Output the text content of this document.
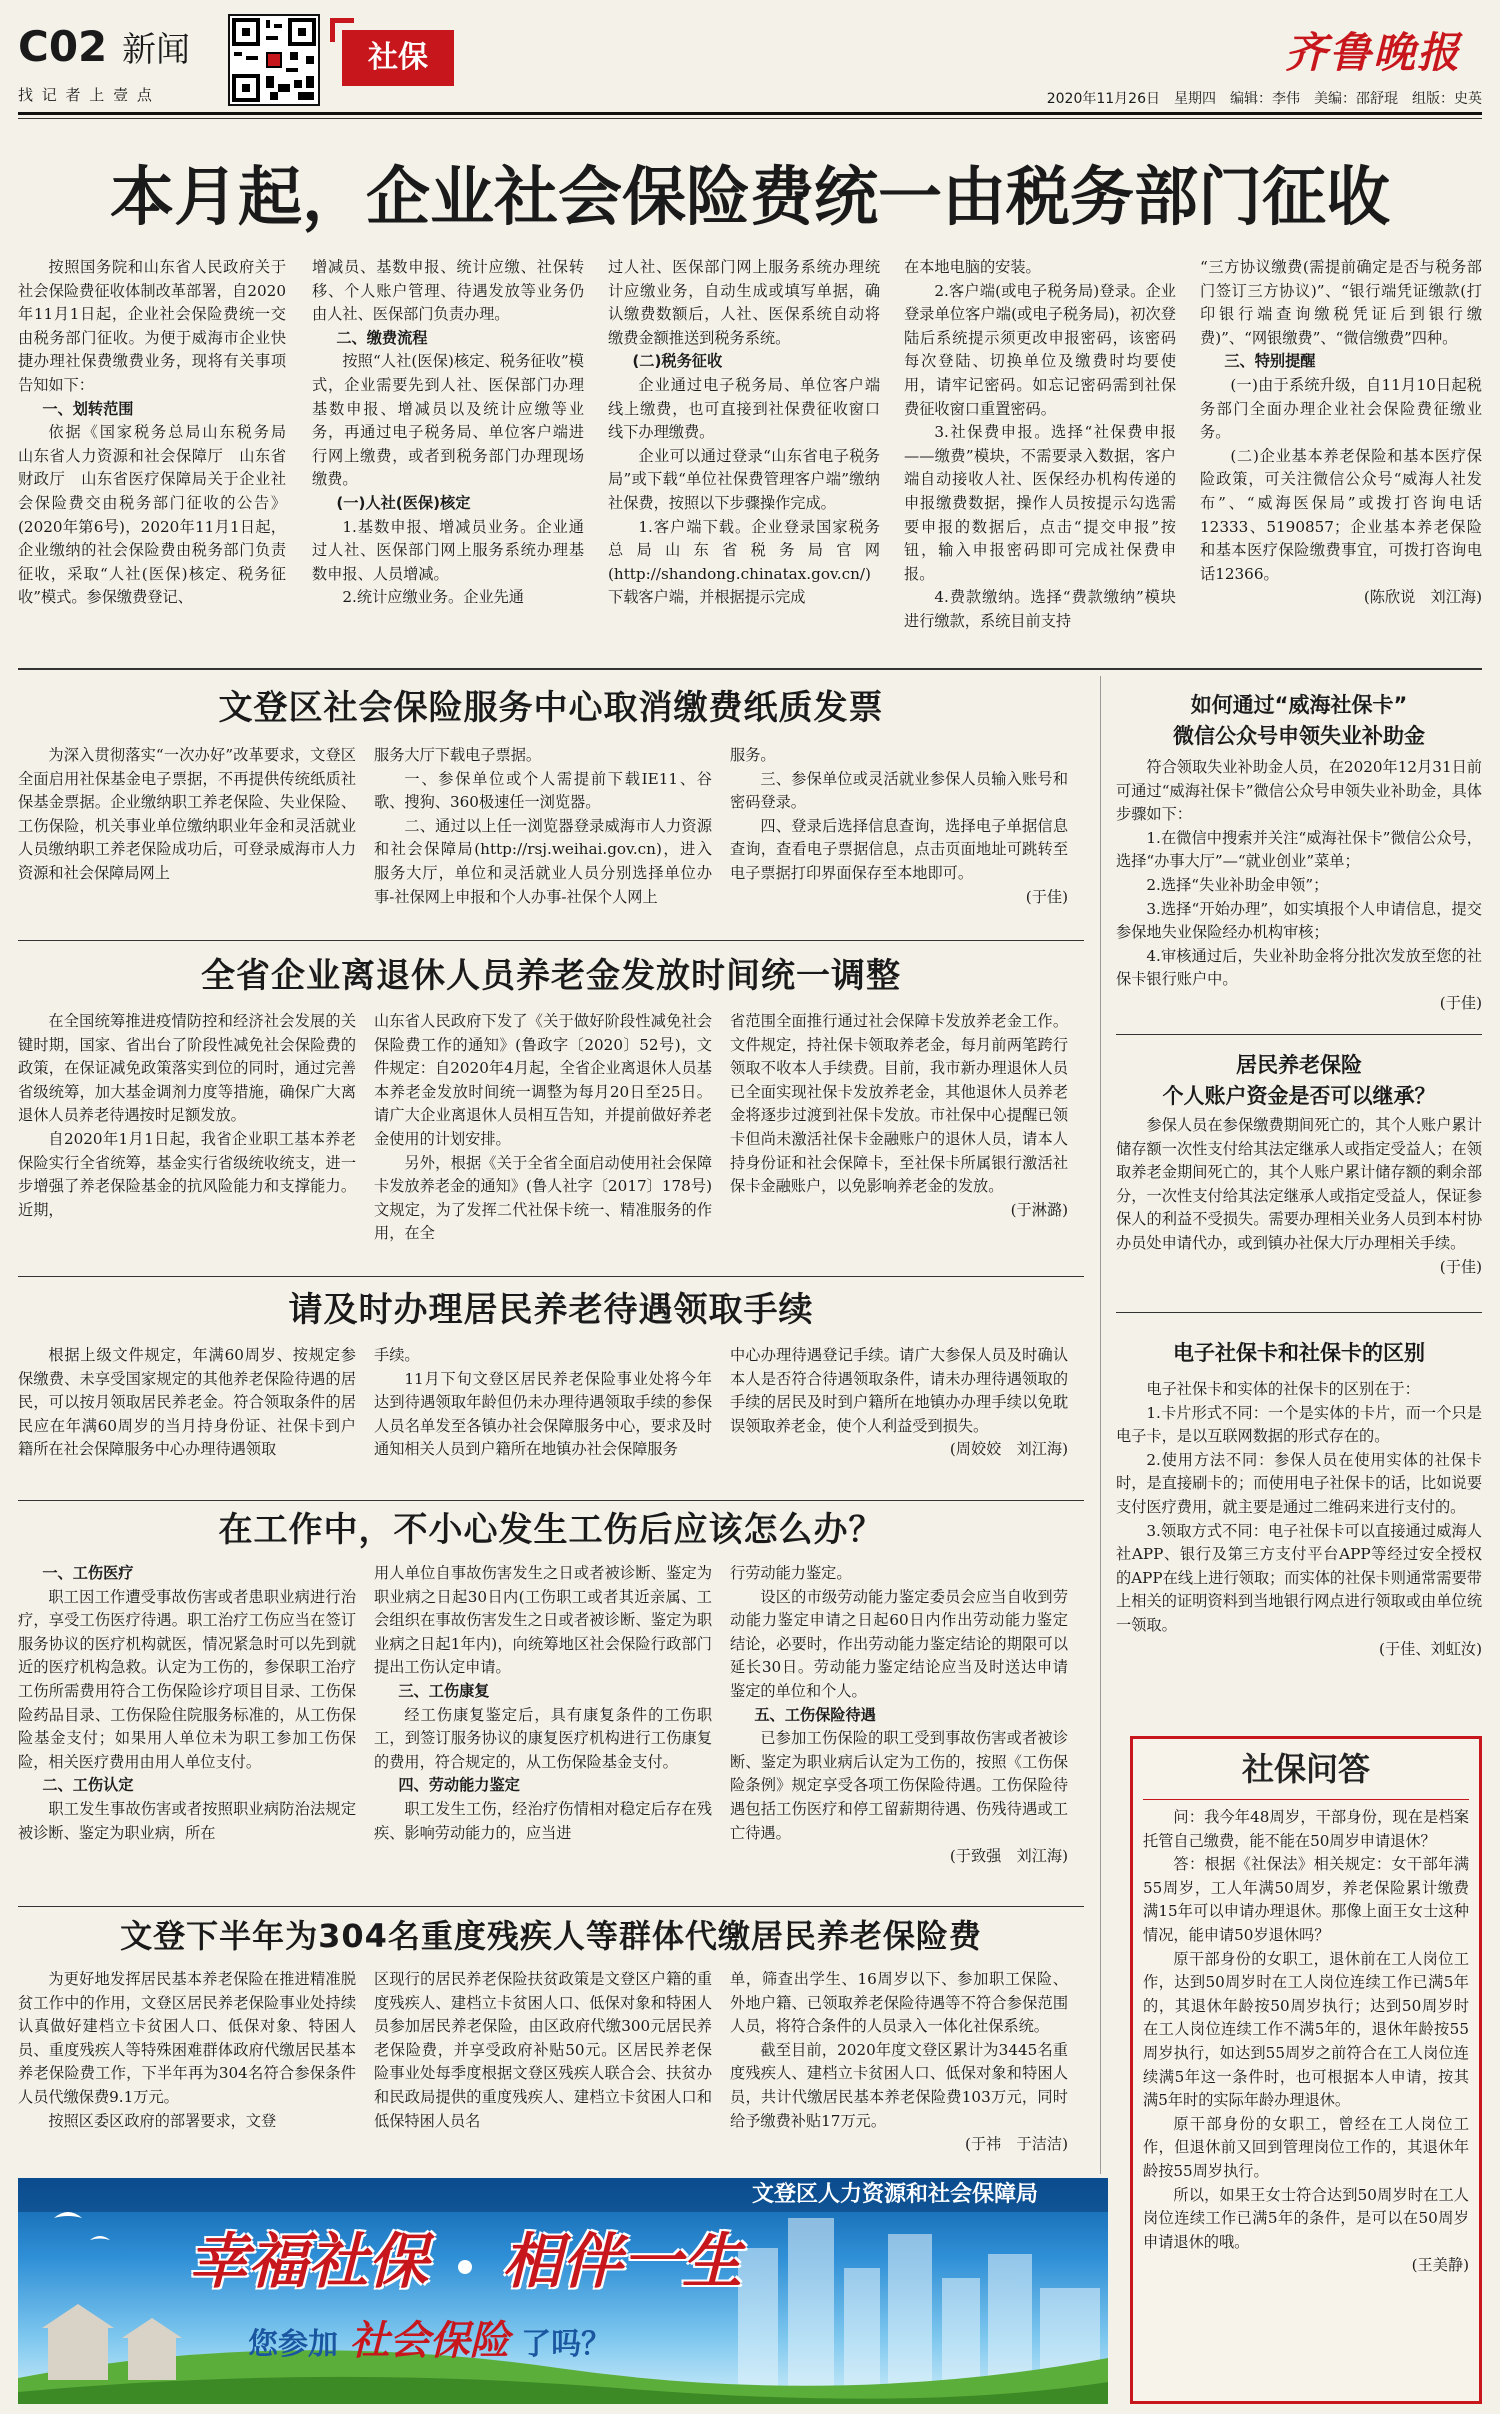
C02 新闻
找 记 者 上 壹 点
社保	齐鲁晚报
2020年11月26日　星期四　编辑：李伟　美编：邵舒琨　组版：史英
本月起，企业社会保险费统一由税务部门征收

按照国务院和山东省人民政府关于社会保险费征收体制改革部署，自2020年11月1日起，企业社会保险费统一交由税务部门征收。为便于威海市企业快捷办理社保费缴费业务，现将有关事项告知如下：

一、划转范围

依据《国家税务总局山东税务局　山东省人力资源和社会保障厅　山东省财政厅　山东省医疗保障局关于企业社会保险费交由税务部门征收的公告》(2020年第6号)，2020年11月1日起，企业缴纳的社会保险费由税务部门负责征收，采取“人社(医保)核定、税务征收”模式。参保缴费登记、

增减员、基数申报、统计应缴、社保转移、个人账户管理、待遇发放等业务仍由人社、医保部门负责办理。

二、缴费流程

按照“人社(医保)核定、税务征收”模式，企业需要先到人社、医保部门办理基数申报、增减员以及统计应缴等业务，再通过电子税务局、单位客户端进行网上缴费，或者到税务部门办理现场缴费。

(一)人社(医保)核定

1.基数申报、增减员业务。企业通过人社、医保部门网上服务系统办理基数申报、人员增减。

2.统计应缴业务。企业先通

过人社、医保部门网上服务系统办理统计应缴业务，自动生成或填写单据，确认缴费数额后，人社、医保系统自动将缴费金额推送到税务系统。

(二)税务征收

企业通过电子税务局、单位客户端线上缴费，也可直接到社保费征收窗口线下办理缴费。

企业可以通过登录“山东省电子税务局”或下载“单位社保费管理客户端”缴纳社保费，按照以下步骤操作完成。

1.客户端下载。企业登录国家税务总局山东省税务局官网(http://shandong.chinatax.gov.cn/)下载客户端，并根据提示完成

在本地电脑的安装。

2.客户端(或电子税务局)登录。企业登录单位客户端(或电子税务局)，初次登陆后系统提示须更改申报密码，该密码每次登陆、切换单位及缴费时均要使用，请牢记密码。如忘记密码需到社保费征收窗口重置密码。

3.社保费申报。选择“社保费申报——缴费”模块，不需要录入数据，客户端自动接收人社、医保经办机构传递的申报缴费数据，操作人员按提示勾选需要申报的数据后，点击“提交申报”按钮，输入申报密码即可完成社保费申报。

4.费款缴纳。选择“费款缴纳”模块进行缴款，系统目前支持

“三方协议缴费(需提前确定是否与税务部门签订三方协议)”、“银行端凭证缴款(打印银行端查询缴税凭证后到银行缴费)”、“网银缴费”、“微信缴费”四种。

三、特别提醒

(一)由于系统升级，自11月10日起税务部门全面办理企业社会保险费征缴业务。

(二)企业基本养老保险和基本医疗保险政策，可关注微信公众号“威海人社发布”、“威海医保局”或拨打咨询电话12333、5190857；企业基本养老保险和基本医疗保险缴费事宜，可拨打咨询电话12366。

(陈欣说　刘江海)

文登区社会保险服务中心取消缴费纸质发票

为深入贯彻落实“一次办好”改革要求，文登区全面启用社保基金电子票据，不再提供传统纸质社保基金票据。企业缴纳职工养老保险、失业保险、工伤保险，机关事业单位缴纳职业年金和灵活就业人员缴纳职工养老保险成功后，可登录威海市人力资源和社会保障局网上

服务大厅下载电子票据。

一、参保单位或个人需提前下载IE11、谷歌、搜狗、360极速任一浏览器。

二、通过以上任一浏览器登录威海市人力资源和社会保障局(http://rsj.weihai.gov.cn)，进入服务大厅，单位和灵活就业人员分别选择单位办事-社保网上申报和个人办事-社保个人网上

服务。

三、参保单位或灵活就业参保人员输入账号和密码登录。

四、登录后选择信息查询，选择电子单据信息查询，查看电子票据信息，点击页面地址可跳转至电子票据打印界面保存至本地即可。

(于佳)

全省企业离退休人员养老金发放时间统一调整

在全国统筹推进疫情防控和经济社会发展的关键时期，国家、省出台了阶段性减免社会保险费的政策，在保证减免政策落实到位的同时，通过完善省级统筹，加大基金调剂力度等措施，确保广大离退休人员养老待遇按时足额发放。

自2020年1月1日起，我省企业职工基本养老保险实行全省统筹，基金实行省级统收统支，进一步增强了养老保险基金的抗风险能力和支撑能力。近期，

山东省人民政府下发了《关于做好阶段性减免社会保险费工作的通知》(鲁政字〔2020〕52号)，文件规定：自2020年4月起，全省企业离退休人员基本养老金发放时间统一调整为每月20日至25日。请广大企业离退休人员相互告知，并提前做好养老金使用的计划安排。

另外，根据《关于全省全面启动使用社会保障卡发放养老金的通知》(鲁人社字〔2017〕178号)文规定，为了发挥二代社保卡统一、精准服务的作用，在全

省范围全面推行通过社会保障卡发放养老金工作。文件规定，持社保卡领取养老金，每月前两笔跨行领取不收本人手续费。目前，我市新办理退休人员已全面实现社保卡发放养老金，其他退休人员养老金将逐步过渡到社保卡发放。市社保中心提醒已领卡但尚未激活社保卡金融账户的退休人员，请本人持身份证和社会保障卡，至社保卡所属银行激活社保卡金融账户，以免影响养老金的发放。

(于淋潞)

请及时办理居民养老待遇领取手续

根据上级文件规定，年满60周岁、按规定参保缴费、未享受国家规定的其他养老保险待遇的居民，可以按月领取居民养老金。符合领取条件的居民应在年满60周岁的当月持身份证、社保卡到户籍所在社会保障服务中心办理待遇领取

手续。

11月下旬文登区居民养老保险事业处将今年达到待遇领取年龄但仍未办理待遇领取手续的参保人员名单发至各镇办社会保障服务中心，要求及时通知相关人员到户籍所在地镇办社会保障服务

中心办理待遇登记手续。请广大参保人员及时确认本人是否符合待遇领取条件，请未办理待遇领取的手续的居民及时到户籍所在地镇办办理手续以免耽误领取养老金，使个人利益受到损失。

(周姣姣　刘江海)

在工作中，不小心发生工伤后应该怎么办？

一、工伤医疗

职工因工作遭受事故伤害或者患职业病进行治疗，享受工伤医疗待遇。职工治疗工伤应当在签订服务协议的医疗机构就医，情况紧急时可以先到就近的医疗机构急救。认定为工伤的，参保职工治疗工伤所需费用符合工伤保险诊疗项目目录、工伤保险药品目录、工伤保险住院服务标准的，从工伤保险基金支付；如果用人单位未为职工参加工伤保险，相关医疗费用由用人单位支付。

二、工伤认定

职工发生事故伤害或者按照职业病防治法规定被诊断、鉴定为职业病，所在

用人单位自事故伤害发生之日或者被诊断、鉴定为职业病之日起30日内(工伤职工或者其近亲属、工会组织在事故伤害发生之日或者被诊断、鉴定为职业病之日起1年内)，向统筹地区社会保险行政部门提出工伤认定申请。

三、工伤康复

经工伤康复鉴定后，具有康复条件的工伤职工，到签订服务协议的康复医疗机构进行工伤康复的费用，符合规定的，从工伤保险基金支付。

四、劳动能力鉴定

职工发生工伤，经治疗伤情相对稳定后存在残疾、影响劳动能力的，应当进

行劳动能力鉴定。

设区的市级劳动能力鉴定委员会应当自收到劳动能力鉴定申请之日起60日内作出劳动能力鉴定结论，必要时，作出劳动能力鉴定结论的期限可以延长30日。劳动能力鉴定结论应当及时送达申请鉴定的单位和个人。

五、工伤保险待遇

已参加工伤保险的职工受到事故伤害或者被诊断、鉴定为职业病后认定为工伤的，按照《工伤保险条例》规定享受各项工伤保险待遇。工伤保险待遇包括工伤医疗和停工留薪期待遇、伤残待遇或工亡待遇。

(于致强　刘江海)

文登下半年为304名重度残疾人等群体代缴居民养老保险费

为更好地发挥居民基本养老保险在推进精准脱贫工作中的作用，文登区居民养老保险事业处持续认真做好建档立卡贫困人口、低保对象、特困人员、重度残疾人等特殊困难群体政府代缴居民基本养老保险费工作，下半年再为304名符合参保条件人员代缴保费9.1万元。

按照区委区政府的部署要求，文登

区现行的居民养老保险扶贫政策是文登区户籍的重度残疾人、建档立卡贫困人口、低保对象和特困人员参加居民养老保险，由区政府代缴300元居民养老保险费，并享受政府补贴50元。区居民养老保险事业处每季度根据文登区残疾人联合会、扶贫办和民政局提供的重度残疾人、建档立卡贫困人口和低保特困人员名

单，筛查出学生、16周岁以下、参加职工保险、外地户籍、已领取养老保险待遇等不符合参保范围人员，将符合条件的人员录入一体化社保系统。

截至目前，2020年度文登区累计为3445名重度残疾人、建档立卡贫困人口、低保对象和特困人员，共计代缴居民基本养老保险费103万元，同时给予缴费补贴17万元。

(于祎　于洁洁)

如何通过“威海社保卡”
微信公众号申领失业补助金

符合领取失业补助金人员，在2020年12月31日前可通过“威海社保卡”微信公众号申领失业补助金，具体步骤如下：

1.在微信中搜索并关注“威海社保卡”微信公众号，选择“办事大厅”—“就业创业”菜单；

2.选择“失业补助金申领”；

3.选择“开始办理”，如实填报个人申请信息，提交参保地失业保险经办机构审核；

4.审核通过后，失业补助金将分批次发放至您的社保卡银行账户中。

(于佳)

居民养老保险
个人账户资金是否可以继承？

参保人员在参保缴费期间死亡的，其个人账户累计储存额一次性支付给其法定继承人或指定受益人；在领取养老金期间死亡的，其个人账户累计储存额的剩余部分，一次性支付给其法定继承人或指定受益人，保证参保人的利益不受损失。需要办理相关业务人员到本村协办员处申请代办，或到镇办社保大厅办理相关手续。

(于佳)

电子社保卡和社保卡的区别

电子社保卡和实体的社保卡的区别在于：

1.卡片形式不同：一个是实体的卡片，而一个只是电子卡，是以互联网数据的形式存在的。

2.使用方法不同：参保人员在使用实体的社保卡时，是直接刷卡的；而使用电子社保卡的话，比如说要支付医疗费用，就主要是通过二维码来进行支付的。

3.领取方式不同：电子社保卡可以直接通过威海人社APP、银行及第三方支付平台APP等经过安全授权的APP在线上进行领取；而实体的社保卡则通常需要带上相关的证明资料到当地银行网点进行领取或由单位统一领取。

(于佳、刘虹汝)

社保问答

问：我今年48周岁，干部身份，现在是档案托管自己缴费，能不能在50周岁申请退休？

答：根据《社保法》相关规定：女干部年满55周岁，工人年满50周岁，养老保险累计缴费满15年可以申请办理退休。那像上面王女士这种情况，能申请50岁退休吗？

原干部身份的女职工，退休前在工人岗位工作，达到50周岁时在工人岗位连续工作已满5年的，其退休年龄按50周岁执行；达到50周岁时在工人岗位连续工作不满5年的，退休年龄按55周岁执行，如达到55周岁之前符合在工人岗位连续满5年这一条件时，也可根据本人申请，按其满5年时的实际年龄办理退休。

原干部身份的女职工，曾经在工人岗位工作，但退休前又回到管理岗位工作的，其退休年龄按55周岁执行。

所以，如果王女士符合达到50周岁时在工人岗位连续工作已满5年的条件，是可以在50周岁申请退休的哦。

(王美静)

文登区人力资源和社会保障局
幸福社保 相伴一生
您参加 社会保险 了吗？
